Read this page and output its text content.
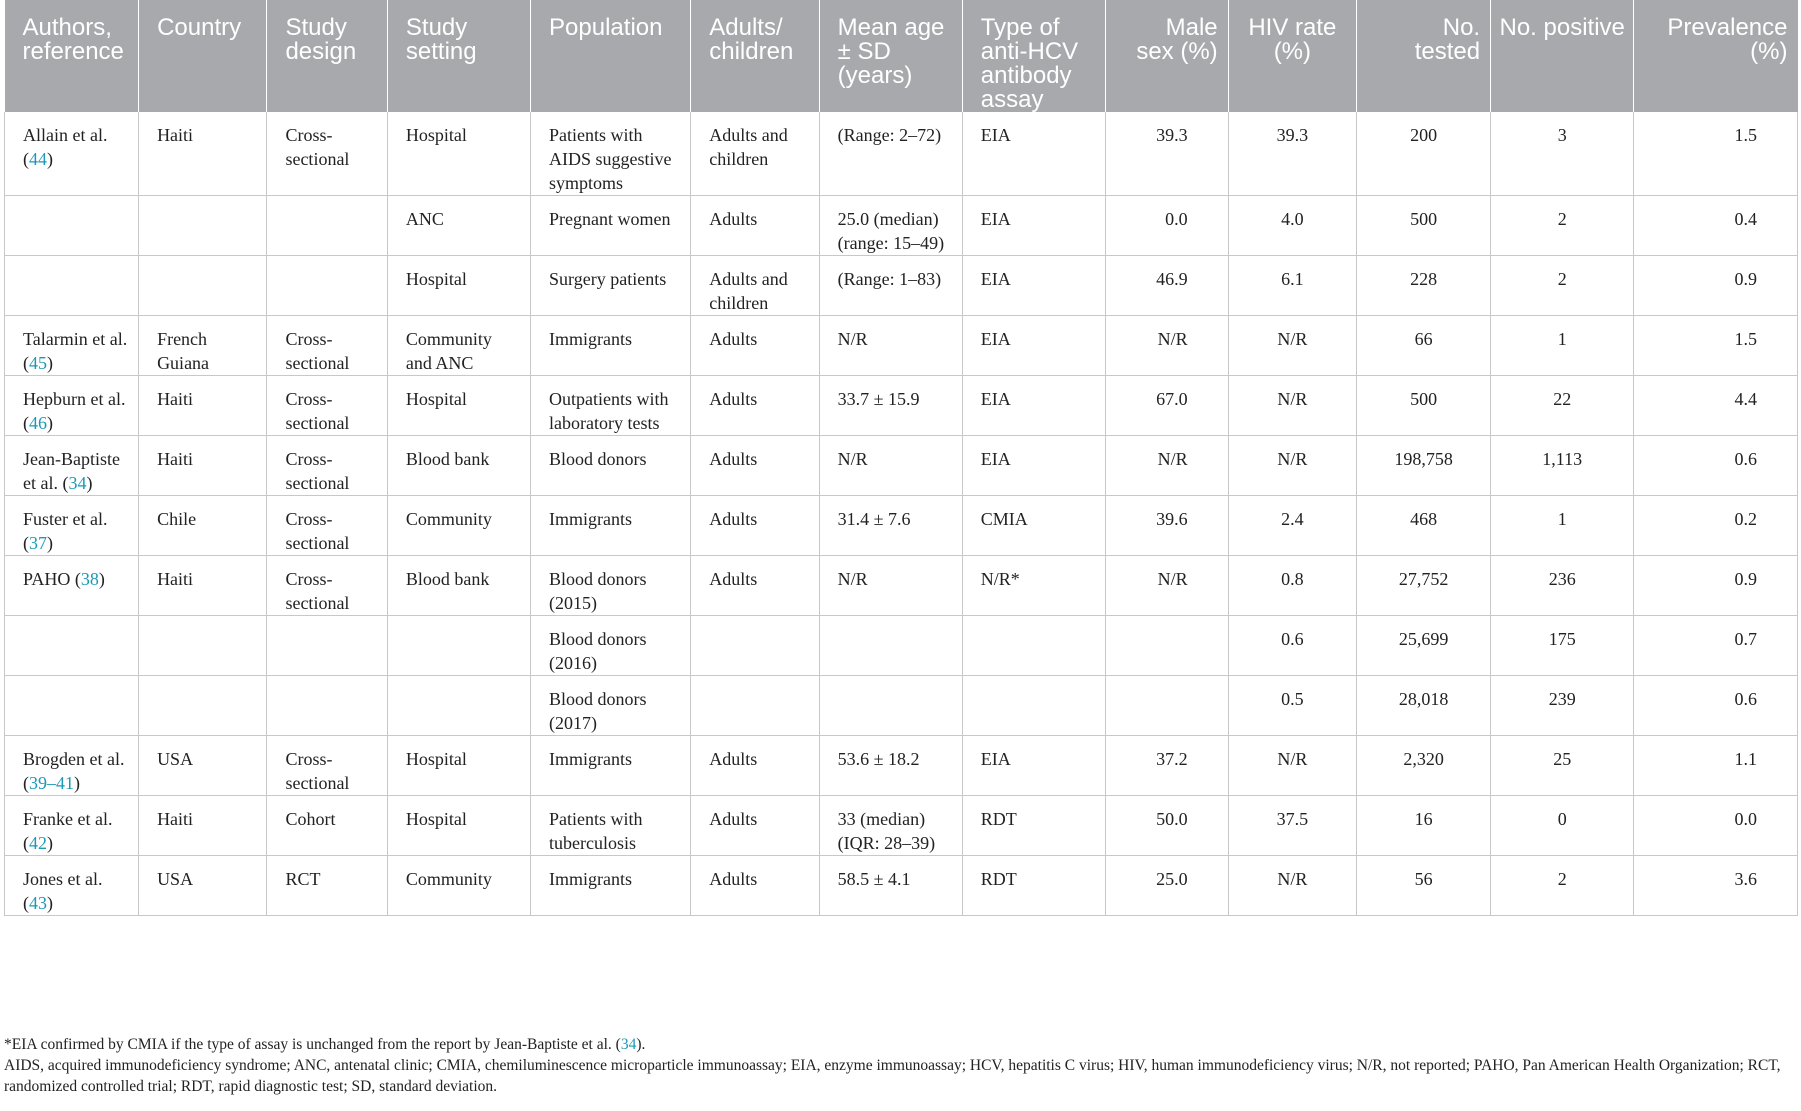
Authors, reference	Country	Study design	Study setting	Population	Adults/ children	Mean age ± SD (years)	Type of anti-HCV antibody assay	Male sex (%)	HIV rate (%)	No. tested	No. positive	Prevalence (%)
Allain et al. (44)	Haiti	Cross-sectional	Hospital	Patients with AIDS suggestive symptoms	Adults and children	(Range: 2–72)	EIA	39.3	39.3	200	3	1.5
			ANC	Pregnant women	Adults	25.0 (median) (range: 15–49)	EIA	0.0	4.0	500	2	0.4
			Hospital	Surgery patients	Adults and children	(Range: 1–83)	EIA	46.9	6.1	228	2	0.9
Talarmin et al. (45)	French Guiana	Cross-sectional	Community and ANC	Immigrants	Adults	N/R	EIA	N/R	N/R	66	1	1.5
Hepburn et al. (46)	Haiti	Cross-sectional	Hospital	Outpatients with laboratory tests	Adults	33.7 ± 15.9	EIA	67.0	N/R	500	22	4.4
Jean-Baptiste et al. (34)	Haiti	Cross-sectional	Blood bank	Blood donors	Adults	N/R	EIA	N/R	N/R	198,758	1,113	0.6
Fuster et al. (37)	Chile	Cross-sectional	Community	Immigrants	Adults	31.4 ± 7.6	CMIA	39.6	2.4	468	1	0.2
PAHO (38)	Haiti	Cross-sectional	Blood bank	Blood donors (2015)	Adults	N/R	N/R*	N/R	0.8	27,752	236	0.9
				Blood donors (2016)					0.6	25,699	175	0.7
				Blood donors (2017)					0.5	28,018	239	0.6
Brogden et al. (39–41)	USA	Cross-sectional	Hospital	Immigrants	Adults	53.6 ± 18.2	EIA	37.2	N/R	2,320	25	1.1
Franke et al. (42)	Haiti	Cohort	Hospital	Patients with tuberculosis	Adults	33 (median) (IQR: 28–39)	RDT	50.0	37.5	16	0	0.0
Jones et al. (43)	USA	RCT	Community	Immigrants	Adults	58.5 ± 4.1	RDT	25.0	N/R	56	2	3.6

*EIA confirmed by CMIA if the type of assay is unchanged from the report by Jean-Baptiste et al. (34).

AIDS, acquired immunodeficiency syndrome; ANC, antenatal clinic; CMIA, chemiluminescence microparticle immunoassay; EIA, enzyme immunoassay; HCV, hepatitis C virus; HIV, human immunodeficiency virus; N/R, not reported; PAHO, Pan American Health Organization; RCT, randomized controlled trial; RDT, rapid diagnostic test; SD, standard deviation.
